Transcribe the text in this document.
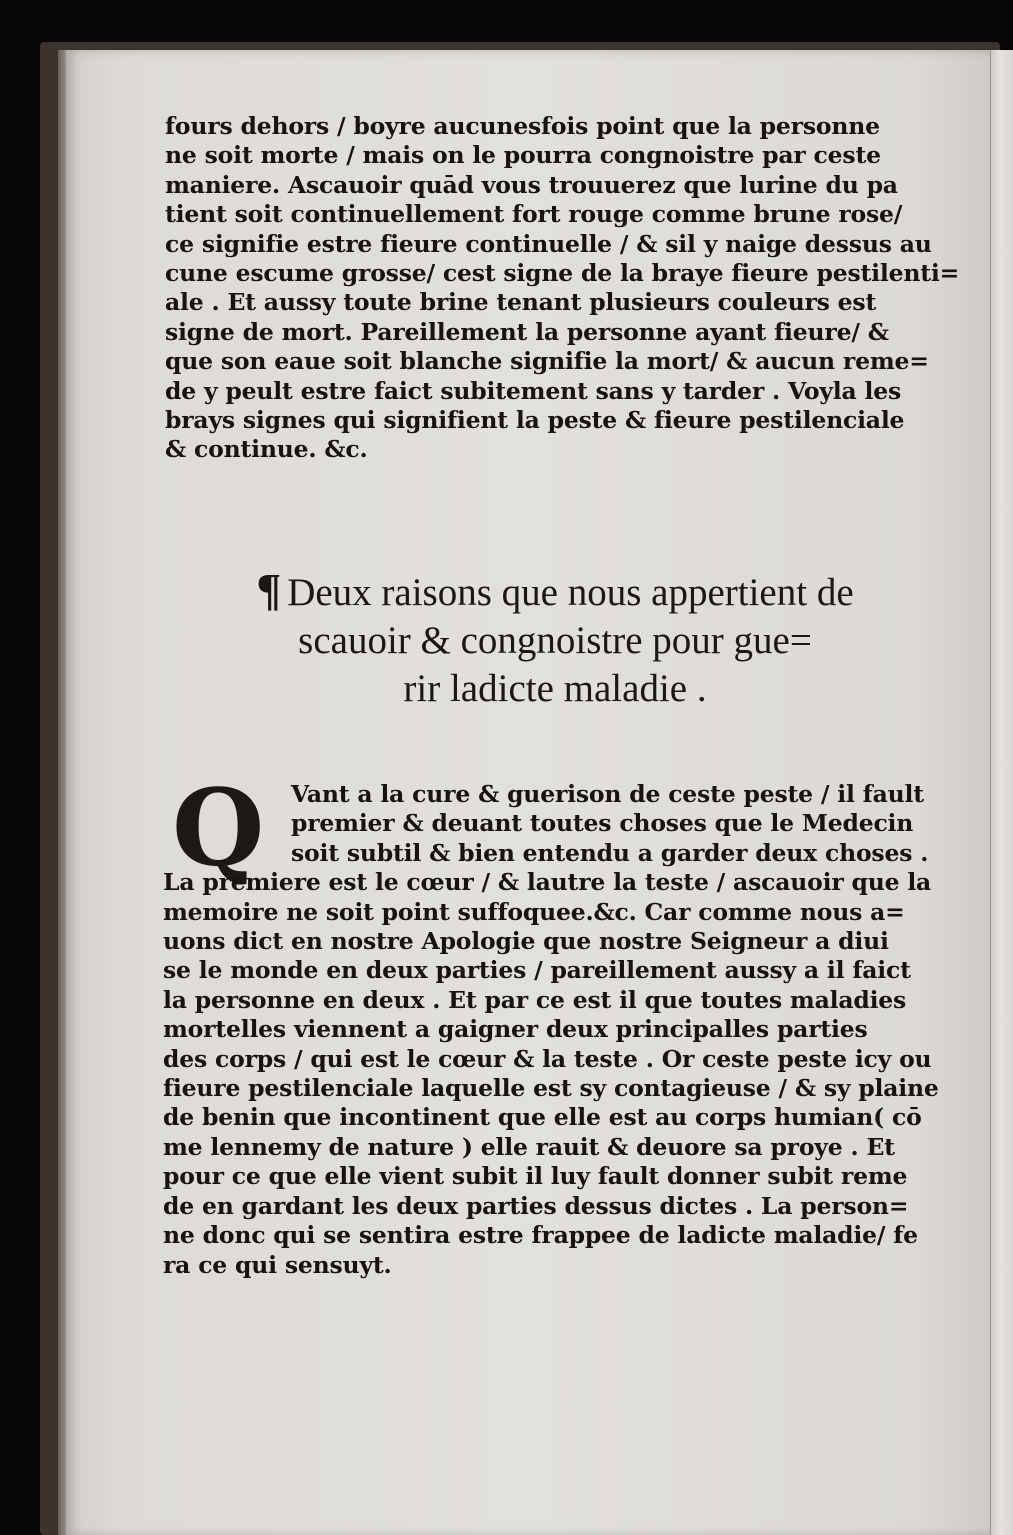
fours dehors / boyre aucunesfois point que la personne

ne soit morte / mais on le pourra congnoistre par ceste

maniere. Ascauoir quād vous trouuerez que lurine du pa

tient soit continuellement fort rouge comme brune rose/

ce signifie estre fieure continuelle / & sil y naige dessus au

cune escume grosse/ cest signe de la braye fieure pestilenti=

ale . Et aussy toute brine tenant plusieurs couleurs est

signe de mort. Pareillement la personne ayant fieure/ &

que son eaue soit blanche signifie la mort/ & aucun reme=

de y peult estre faict subitement sans y tarder . Voyla les

brays signes qui signifient la peste & fieure pestilenciale

& continue. &c.

¶ Deux raisons que nous appertient de

scauoir & congnoistre pour gue=

rir ladicte maladie .

Q	Vant a la cure & guerison de ceste peste / il fault

premier & deuant toutes choses que le Medecin

soit subtil & bien entendu a garder deux choses .

La premiere est le cœur / & lautre la teste / ascauoir que la

memoire ne soit point suffoquee.&c. Car comme nous a=

uons dict en nostre Apologie que nostre Seigneur a diui

se le monde en deux parties / pareillement aussy a il faict

la personne en deux . Et par ce est il que toutes maladies

mortelles viennent a gaigner deux principalles parties

des corps / qui est le cœur & la teste . Or ceste peste icy ou

fieure pestilenciale laquelle est sy contagieuse / & sy plaine

de benin que incontinent que elle est au corps humian( cō

me lennemy de nature ) elle rauit & deuore sa proye . Et

pour ce que elle vient subit il luy fault donner subit reme

de en gardant les deux parties dessus dictes . La person=

ne donc qui se sentira estre frappee de ladicte maladie/ fe

ra ce qui sensuyt.
